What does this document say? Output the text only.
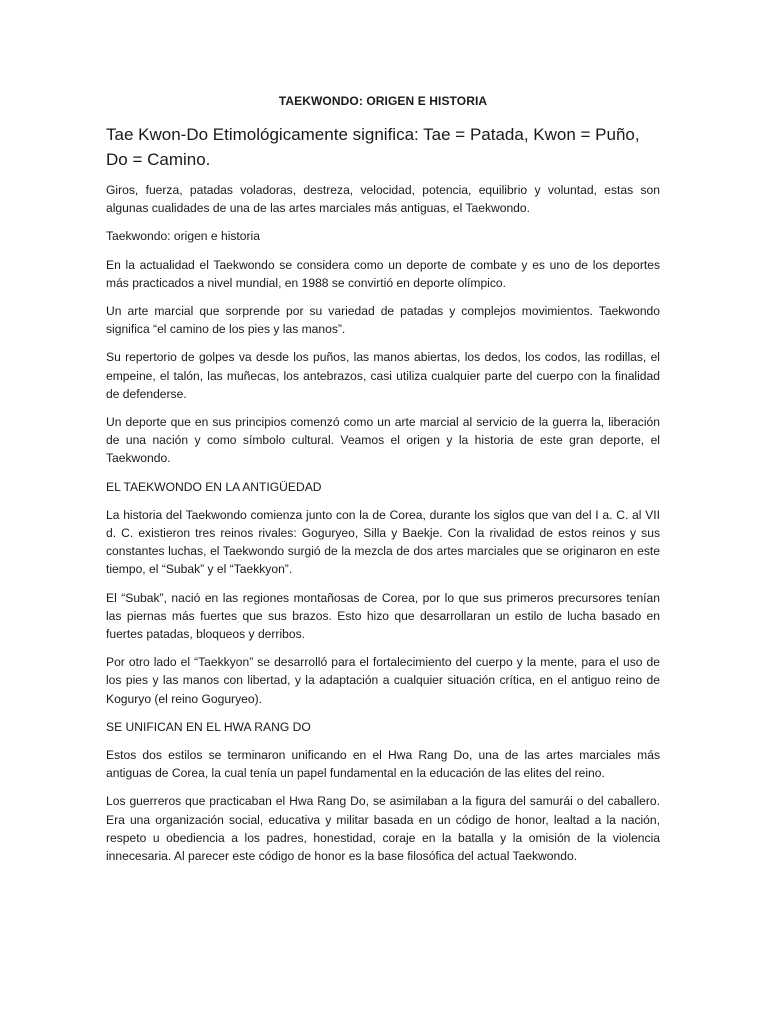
TAEKWONDO: ORIGEN E HISTORIA
Tae Kwon-Do Etimológicamente significa: Tae = Patada, Kwon = Puño,
Do = Camino.

Giros, fuerza, patadas voladoras, destreza, velocidad, potencia, equilibrio y voluntad, estas son algunas cualidades de una de las artes marciales más antiguas, el Taekwondo.

Taekwondo: origen e historia

En la actualidad el Taekwondo se considera como un deporte de combate y es uno de los deportes más practicados a nivel mundial, en 1988 se convirtió en deporte olímpico.

Un arte marcial que sorprende por su variedad de patadas y complejos movimientos. Taekwondo significa “el camino de los pies y las manos”.

Su repertorio de golpes va desde los puños, las manos abiertas, los dedos, los codos, las rodillas, el empeine, el talón, las muñecas, los antebrazos, casi utiliza cualquier parte del cuerpo con la finalidad de defenderse.

Un deporte que en sus principios comenzó como un arte marcial al servicio de la guerra la, liberación de una nación y como símbolo cultural. Veamos el origen y la historia de este gran deporte, el Taekwondo.

EL TAEKWONDO EN LA ANTIGÜEDAD

La historia del Taekwondo comienza junto con la de Corea, durante los siglos que van del I a. C. al VII d. C. existieron tres reinos rivales: Goguryeo, Silla y Baekje. Con la rivalidad de estos reinos y sus constantes luchas, el Taekwondo surgió de la mezcla de dos artes marciales que se originaron en este tiempo, el “Subak” y el “Taekkyon”.

El “Subak”, nació en las regiones montañosas de Corea, por lo que sus primeros precursores tenían las piernas más fuertes que sus brazos. Esto hizo que desarrollaran un estilo de lucha basado en fuertes patadas, bloqueos y derribos.

Por otro lado el “Taekkyon” se desarrolló para el fortalecimiento del cuerpo y la mente, para el uso de los pies y las manos con libertad, y la adaptación a cualquier situación crítica, en el antiguo reino de Koguryo (el reino Goguryeo).

SE UNIFICAN EN EL HWA RANG DO

Estos dos estilos se terminaron unificando en el Hwa Rang Do, una de las artes marciales más antiguas de Corea, la cual tenía un papel fundamental en la educación de las elites del reino.

Los guerreros que practicaban el Hwa Rang Do, se asimilaban a la figura del samurái o del caballero. Era una organización social, educativa y militar basada en un código de honor, lealtad a la nación, respeto u obediencia a los padres, honestidad, coraje en la batalla y la omisión de la violencia innecesaria. Al parecer este código de honor es la base filosófica del actual Taekwondo.
